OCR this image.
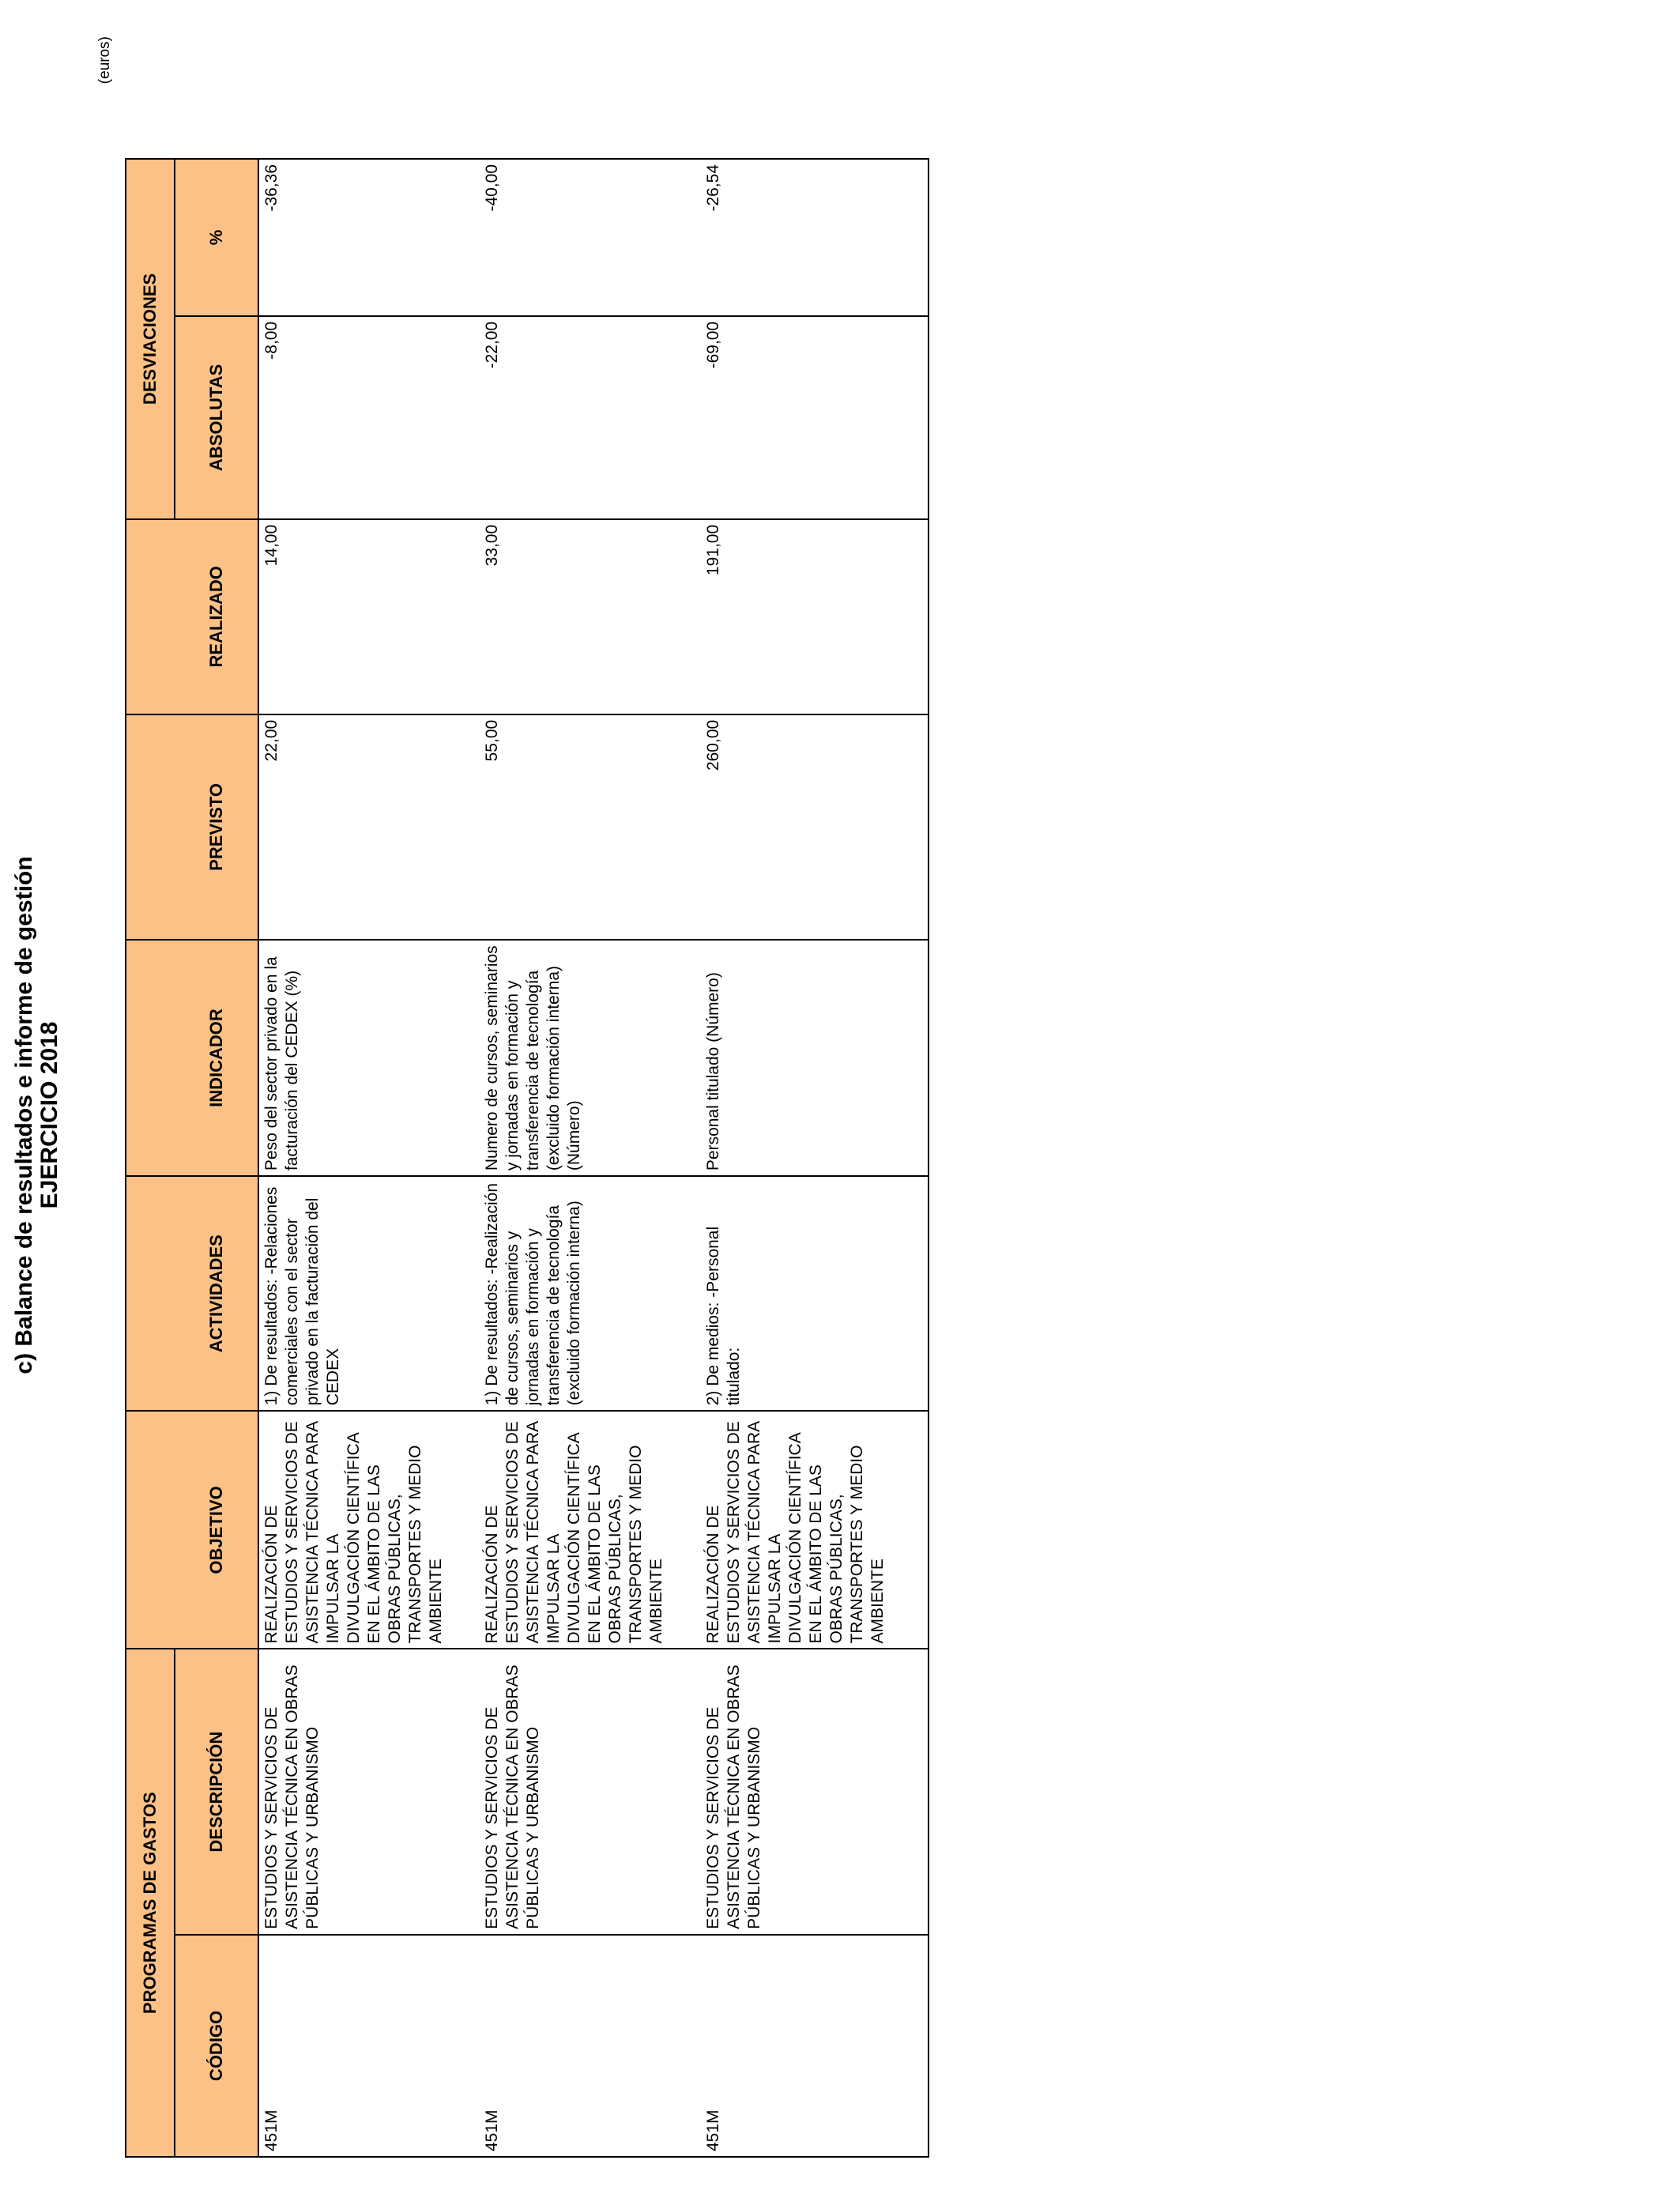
c) Balance de resultados e informe de gestión EJERCICIO 2018
(euros)
PROGRAMAS DE GASTOS							DESVIACIONES	
CÓDIGO	DESCRIPCIÓN	OBJETIVO	ACTIVIDADES	INDICADOR	PREVISTO	REALIZADO	ABSOLUTAS	%
451M	ESTUDIOS Y SERVICIOS DE ASISTENCIA TÉCNICA EN OBRAS PÚBLICAS Y URBANISMO	REALIZACIÓN DE ESTUDIOS Y SERVICIOS DE ASISTENCIA TÉCNICA PARA IMPULSAR LA DIVULGACIÓN CIENTÍFICA EN EL ÁMBITO DE LAS OBRAS PÚBLICAS, TRANSPORTES Y MEDIO AMBIENTE	1) De resultados: -Relaciones comerciales con el sector privado en la facturación del CEDEX	Peso del sector privado en la facturación del CEDEX (%)	22,00	14,00	-8,00	-36,36
451M	ESTUDIOS Y SERVICIOS DE ASISTENCIA TÉCNICA EN OBRAS PÚBLICAS Y URBANISMO	REALIZACIÓN DE ESTUDIOS Y SERVICIOS DE ASISTENCIA TÉCNICA PARA IMPULSAR LA DIVULGACIÓN CIENTÍFICA EN EL ÁMBITO DE LAS OBRAS PÚBLICAS, TRANSPORTES Y MEDIO AMBIENTE	1) De resultados: -Realización de cursos, seminarios y jornadas en formación y transferencia de tecnología (excluido formación interna)	Numero de cursos, seminarios y jornadas en formación y transferencia de tecnología (excluido formación interna) (Número)	55,00	33,00	-22,00	-40,00
451M	ESTUDIOS Y SERVICIOS DE ASISTENCIA TÉCNICA EN OBRAS PÚBLICAS Y URBANISMO	REALIZACIÓN DE ESTUDIOS Y SERVICIOS DE ASISTENCIA TÉCNICA PARA IMPULSAR LA DIVULGACIÓN CIENTÍFICA EN EL ÁMBITO DE LAS OBRAS PÚBLICAS, TRANSPORTES Y MEDIO AMBIENTE	2) De medios: -Personal titulado:	Personal titulado (Número)	260,00	191,00	-69,00	-26,54
